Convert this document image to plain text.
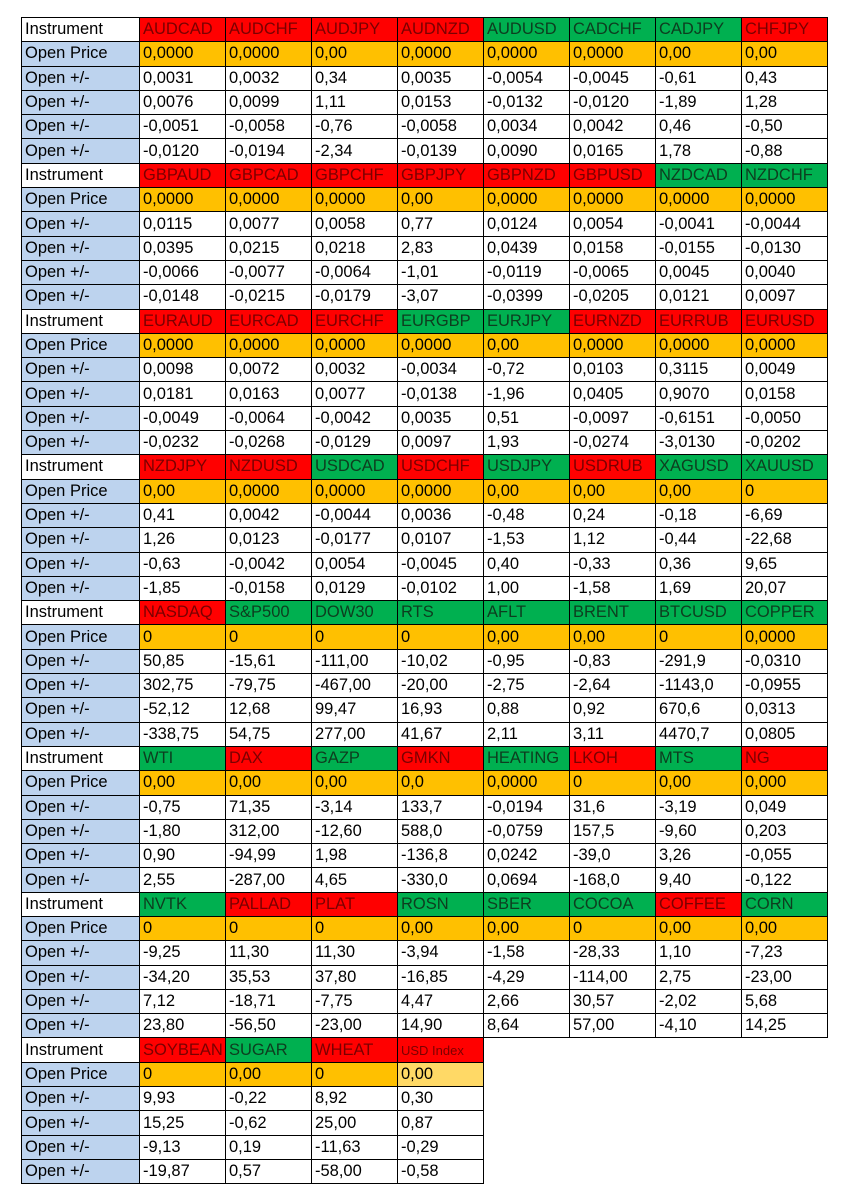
Instrument	AUDCAD	AUDCHF	AUDJPY	AUDNZD	AUDUSD	CADCHF	CADJPY	CHFJPY
Open Price	0,0000	0,0000	0,00	0,0000	0,0000	0,0000	0,00	0,00
Open +/-	0,0031	0,0032	0,34	0,0035	-0,0054	-0,0045	-0,61	0,43
Open +/-	0,0076	0,0099	1,11	0,0153	-0,0132	-0,0120	-1,89	1,28
Open +/-	-0,0051	-0,0058	-0,76	-0,0058	0,0034	0,0042	0,46	-0,50
Open +/-	-0,0120	-0,0194	-2,34	-0,0139	0,0090	0,0165	1,78	-0,88
Instrument	GBPAUD	GBPCAD	GBPCHF	GBPJPY	GBPNZD	GBPUSD	NZDCAD	NZDCHF
Open Price	0,0000	0,0000	0,0000	0,00	0,0000	0,0000	0,0000	0,0000
Open +/-	0,0115	0,0077	0,0058	0,77	0,0124	0,0054	-0,0041	-0,0044
Open +/-	0,0395	0,0215	0,0218	2,83	0,0439	0,0158	-0,0155	-0,0130
Open +/-	-0,0066	-0,0077	-0,0064	-1,01	-0,0119	-0,0065	0,0045	0,0040
Open +/-	-0,0148	-0,0215	-0,0179	-3,07	-0,0399	-0,0205	0,0121	0,0097
Instrument	EURAUD	EURCAD	EURCHF	EURGBP	EURJPY	EURNZD	EURRUB	EURUSD
Open Price	0,0000	0,0000	0,0000	0,0000	0,00	0,0000	0,0000	0,0000
Open +/-	0,0098	0,0072	0,0032	-0,0034	-0,72	0,0103	0,3115	0,0049
Open +/-	0,0181	0,0163	0,0077	-0,0138	-1,96	0,0405	0,9070	0,0158
Open +/-	-0,0049	-0,0064	-0,0042	0,0035	0,51	-0,0097	-0,6151	-0,0050
Open +/-	-0,0232	-0,0268	-0,0129	0,0097	1,93	-0,0274	-3,0130	-0,0202
Instrument	NZDJPY	NZDUSD	USDCAD	USDCHF	USDJPY	USDRUB	XAGUSD	XAUUSD
Open Price	0,00	0,0000	0,0000	0,0000	0,00	0,00	0,00	0
Open +/-	0,41	0,0042	-0,0044	0,0036	-0,48	0,24	-0,18	-6,69
Open +/-	1,26	0,0123	-0,0177	0,0107	-1,53	1,12	-0,44	-22,68
Open +/-	-0,63	-0,0042	0,0054	-0,0045	0,40	-0,33	0,36	9,65
Open +/-	-1,85	-0,0158	0,0129	-0,0102	1,00	-1,58	1,69	20,07
Instrument	NASDAQ	S&P500	DOW30	RTS	AFLT	BRENT	BTCUSD	COPPER
Open Price	0	0	0	0	0,00	0,00	0	0,0000
Open +/-	50,85	-15,61	-111,00	-10,02	-0,95	-0,83	-291,9	-0,0310
Open +/-	302,75	-79,75	-467,00	-20,00	-2,75	-2,64	-1143,0	-0,0955
Open +/-	-52,12	12,68	99,47	16,93	0,88	0,92	670,6	0,0313
Open +/-	-338,75	54,75	277,00	41,67	2,11	3,11	4470,7	0,0805
Instrument	WTI	DAX	GAZP	GMKN	HEATING	LKOH	MTS	NG
Open Price	0,00	0,00	0,00	0,0	0,0000	0	0,00	0,000
Open +/-	-0,75	71,35	-3,14	133,7	-0,0194	31,6	-3,19	0,049
Open +/-	-1,80	312,00	-12,60	588,0	-0,0759	157,5	-9,60	0,203
Open +/-	0,90	-94,99	1,98	-136,8	0,0242	-39,0	3,26	-0,055
Open +/-	2,55	-287,00	4,65	-330,0	0,0694	-168,0	9,40	-0,122
Instrument	NVTK	PALLAD	PLAT	ROSN	SBER	COCOA	COFFEE	CORN
Open Price	0	0	0	0,00	0,00	0	0,00	0,00
Open +/-	-9,25	11,30	11,30	-3,94	-1,58	-28,33	1,10	-7,23
Open +/-	-34,20	35,53	37,80	-16,85	-4,29	-114,00	2,75	-23,00
Open +/-	7,12	-18,71	-7,75	4,47	2,66	30,57	-2,02	5,68
Open +/-	23,80	-56,50	-23,00	14,90	8,64	57,00	-4,10	14,25
Instrument	SOYBEAN	SUGAR	WHEAT	USD Index				
Open Price	0	0,00	0	0,00				
Open +/-	9,93	-0,22	8,92	0,30				
Open +/-	15,25	-0,62	25,00	0,87				
Open +/-	-9,13	0,19	-11,63	-0,29				
Open +/-	-19,87	0,57	-58,00	-0,58				
